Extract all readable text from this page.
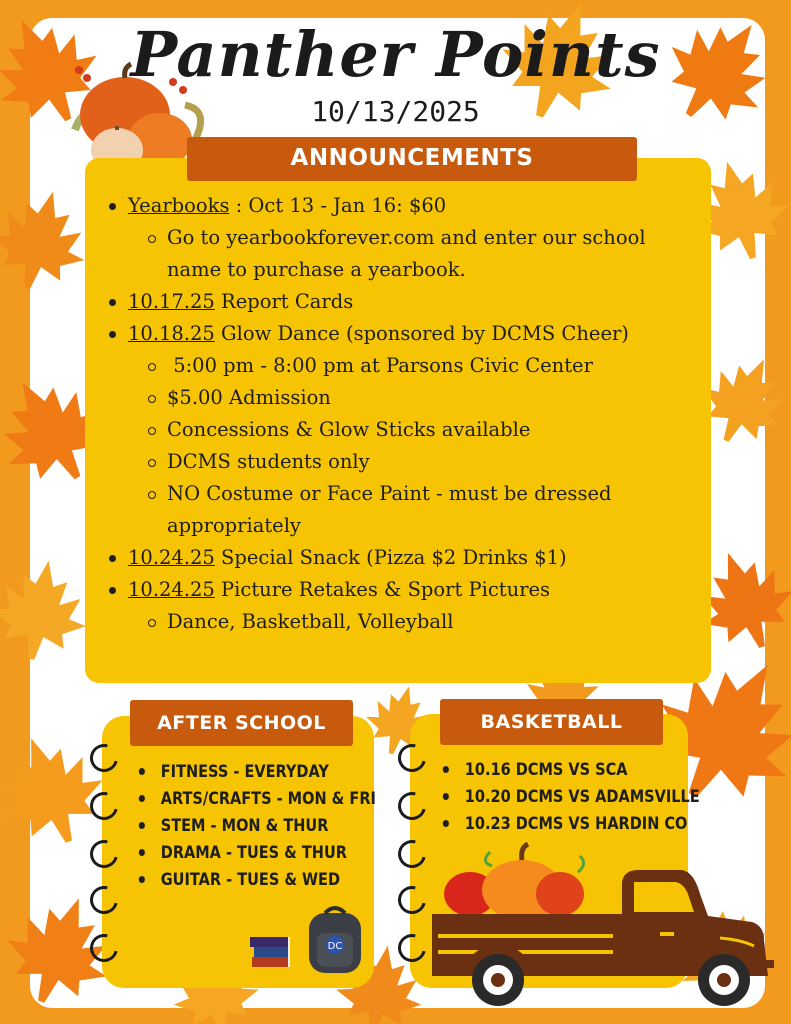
Panther Points
10/13/2025
ANNOUNCEMENTS
Yearbooks : Oct 13 - Jan 16: $60
Go to yearbookforever.com and enter our school name to purchase a yearbook.
10.17.25 Report Cards
10.18.25 Glow Dance (sponsored by DCMS Cheer)
5:00 pm - 8:00 pm at Parsons Civic Center
$5.00 Admission
Concessions & Glow Sticks available
DCMS students only
NO Costume or Face Paint - must be dressed appropriately
10.24.25 Special Snack (Pizza $2 Drinks $1)
10.24.25 Picture Retakes & Sport Pictures
Dance, Basketball, Volleyball
AFTER SCHOOL
FITNESS - EVERYDAY
ARTS/CRAFTS - MON & FRI
STEM - MON & THUR
DRAMA - TUES & THUR
GUITAR - TUES & WED
DC
BASKETBALL
10.16 DCMS VS SCA
10.20 DCMS VS ADAMSVILLE
10.23 DCMS VS HARDIN CO
